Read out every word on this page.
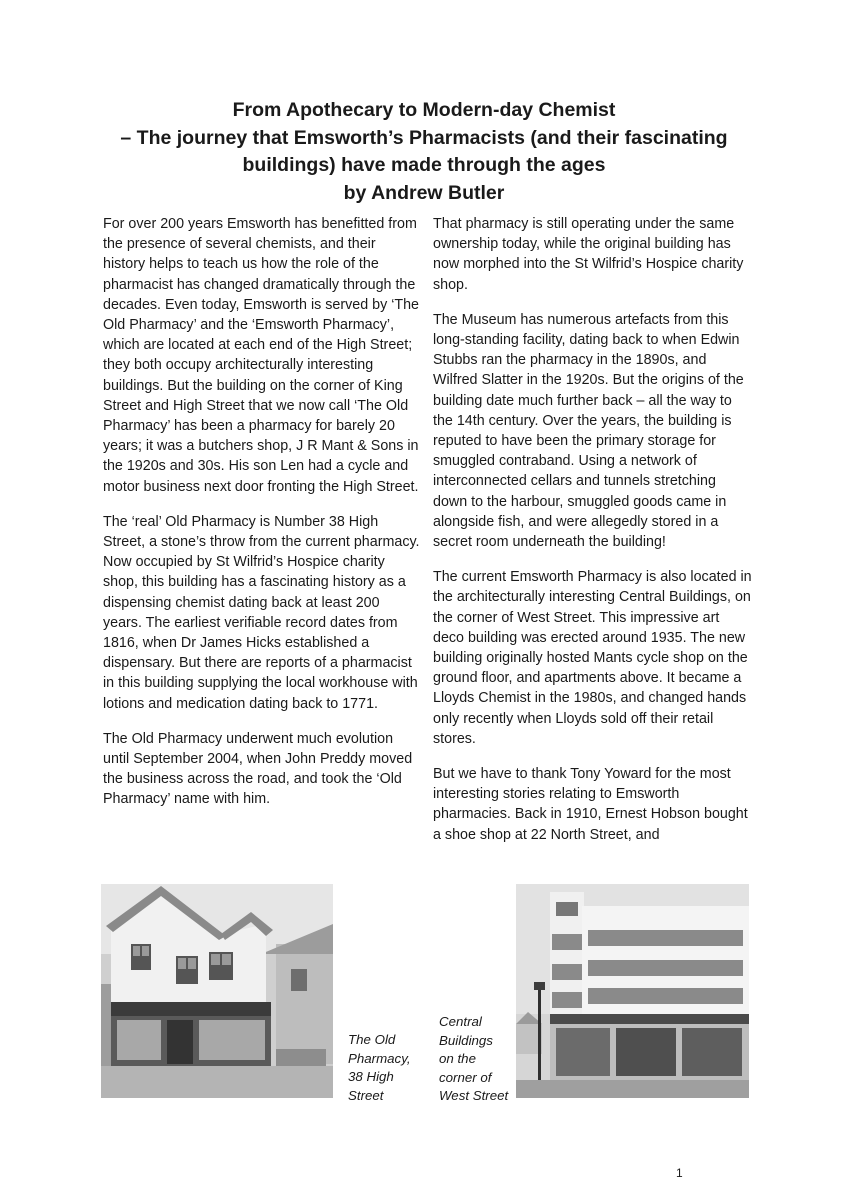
From Apothecary to Modern-day Chemist
– The journey that Emsworth’s Pharmacists (and their fascinating
buildings) have made through the ages
by Andrew Butler

For over 200 years Emsworth has benefitted from the presence of several chemists, and their history helps to teach us how the role of the pharmacist has changed dramatically through the decades. Even today, Emsworth is served by ‘The Old Pharmacy’ and the ‘Emsworth Pharmacy’, which are located at each end of the High Street; they both occupy architecturally interesting buildings. But the building on the corner of King Street and High Street that we now call ‘The Old Pharmacy’ has been a pharmacy for barely 20 years; it was a butchers shop, J R Mant & Sons in the 1920s and 30s. His son Len had a cycle and motor business next door fronting the High Street.

The ‘real’ Old Pharmacy is Number 38 High Street, a stone’s throw from the current pharmacy. Now occupied by St Wilfrid’s Hospice charity shop, this building has a fascinating history as a dispensing chemist dating back at least 200 years. The earliest verifiable record dates from 1816, when Dr James Hicks established a dispensary. But there are reports of a pharmacist in this building supplying the local workhouse with lotions and medication dating back to 1771.

The Old Pharmacy underwent much evolution until September 2004, when John Preddy moved the business across the road, and took the ‘Old Pharmacy’ name with him.

That pharmacy is still operating under the same ownership today, while the original building has now morphed into the St Wilfrid’s Hospice charity shop.

The Museum has numerous artefacts from this long-standing facility, dating back to when Edwin Stubbs ran the pharmacy in the 1890s, and Wilfred Slatter in the 1920s. But the origins of the building date much further back – all the way to the 14th century. Over the years, the building is reputed to have been the primary storage for smuggled contraband. Using a network of interconnected cellars and tunnels stretching down to the harbour, smuggled goods came in alongside fish, and were allegedly stored in a secret room underneath the building!

The current Emsworth Pharmacy is also located in the architecturally interesting Central Buildings, on the corner of West Street. This impressive art deco building was erected around 1935. The new building originally hosted Mants cycle shop on the ground floor, and apartments above. It became a Lloyds Chemist in the 1980s, and changed hands only recently when Lloyds sold off their retail stores.

But we have to thank Tony Yoward for the most interesting stories relating to Emsworth pharmacies. Back in 1910, Ernest Hobson bought a shoe shop at 22 North Street, and

The Old
Pharmacy,
38 High
Street
Central
Buildings
on the
corner of
West Street
1
